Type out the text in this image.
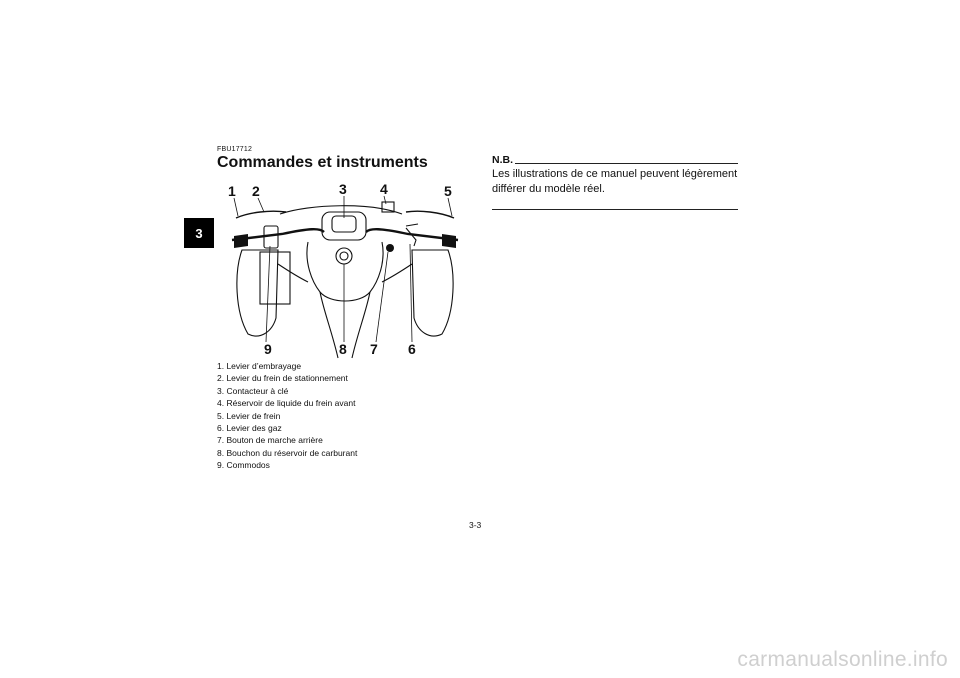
3
FBU17712
Commandes et instruments
1 2	3 4	5
9	8 7 6
1. Levier d’embrayage
2. Levier du frein de stationnement
3. Contacteur à clé
4. Réservoir de liquide du frein avant
5. Levier de frein
6. Levier des gaz
7. Bouton de marche arrière
8. Bouchon du réservoir de carburant
9. Commodos
N.B.
Les illustrations de ce manuel peuvent légèrement différer du modèle réel.
3-3
carmanualsonline.info
